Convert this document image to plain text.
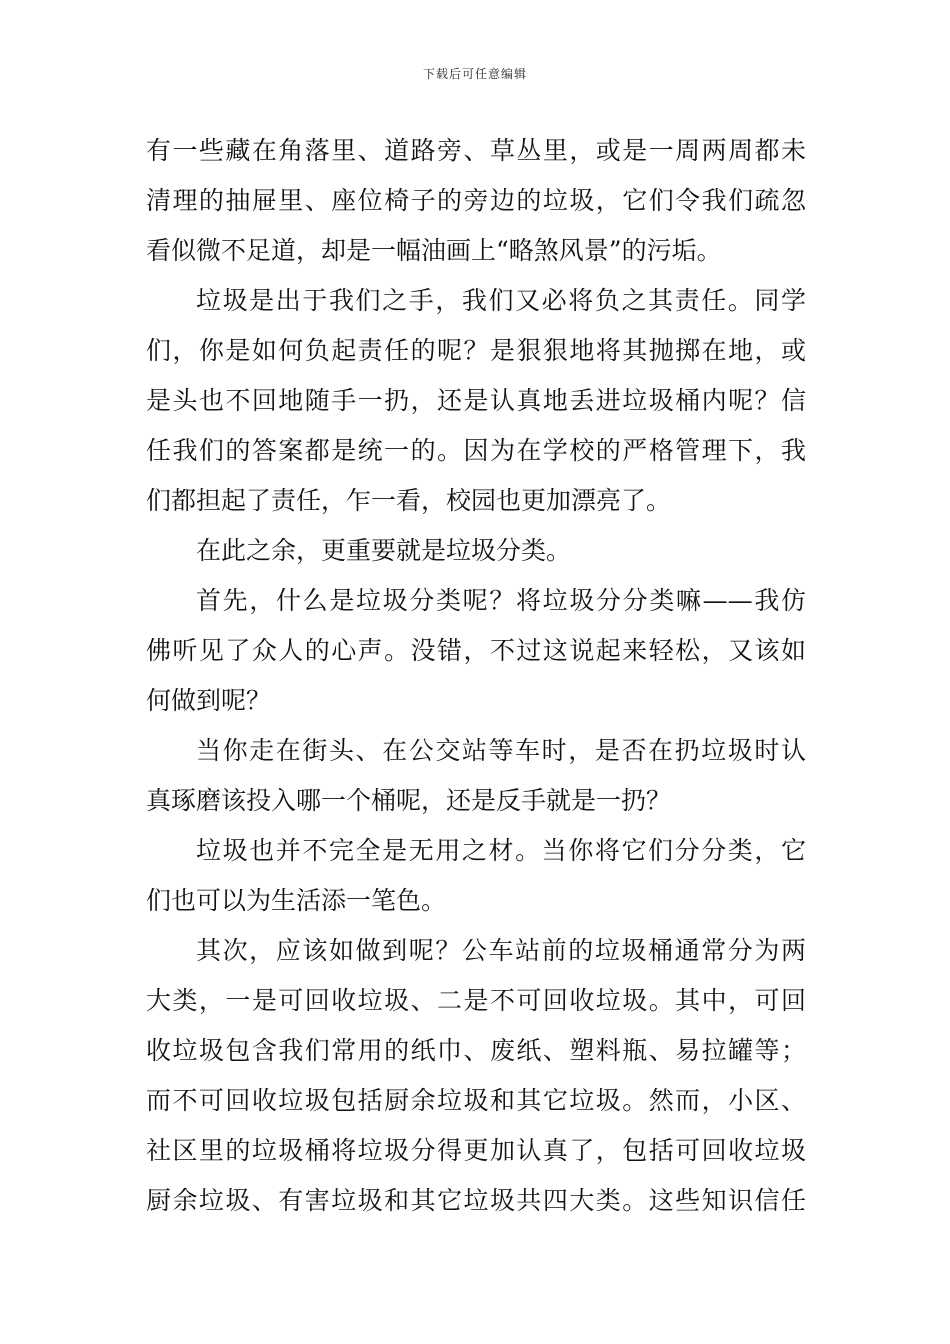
下载后可任意编辑
有一些藏在角落里、道路旁、草丛里，或是一周两周都未
清理的抽屉里、座位椅子的旁边的垃圾，它们令我们疏忽
看似微不足道，却是一幅油画上“略煞风景”的污垢。
垃圾是出于我们之手，我们又必将负之其责任。同学
们，你是如何负起责任的呢？是狠狠地将其抛掷在地，或
是头也不回地随手一扔，还是认真地丢进垃圾桶内呢？信
任我们的答案都是统一的。因为在学校的严格管理下，我
们都担起了责任，乍一看，校园也更加漂亮了。
在此之余，更重要就是垃圾分类。
首先，什么是垃圾分类呢？将垃圾分分类嘛——我仿
佛听见了众人的心声。没错，不过这说起来轻松，又该如
何做到呢？
当你走在街头、在公交站等车时，是否在扔垃圾时认
真琢磨该投入哪一个桶呢，还是反手就是一扔？
垃圾也并不完全是无用之材。当你将它们分分类，它
们也可以为生活添一笔色。
其次，应该如做到呢？公车站前的垃圾桶通常分为两
大类，一是可回收垃圾、二是不可回收垃圾。其中，可回
收垃圾包含我们常用的纸巾、废纸、塑料瓶、易拉罐等；
而不可回收垃圾包括厨余垃圾和其它垃圾。然而，小区、
社区里的垃圾桶将垃圾分得更加认真了，包括可回收垃圾
厨余垃圾、有害垃圾和其它垃圾共四大类。这些知识信任
